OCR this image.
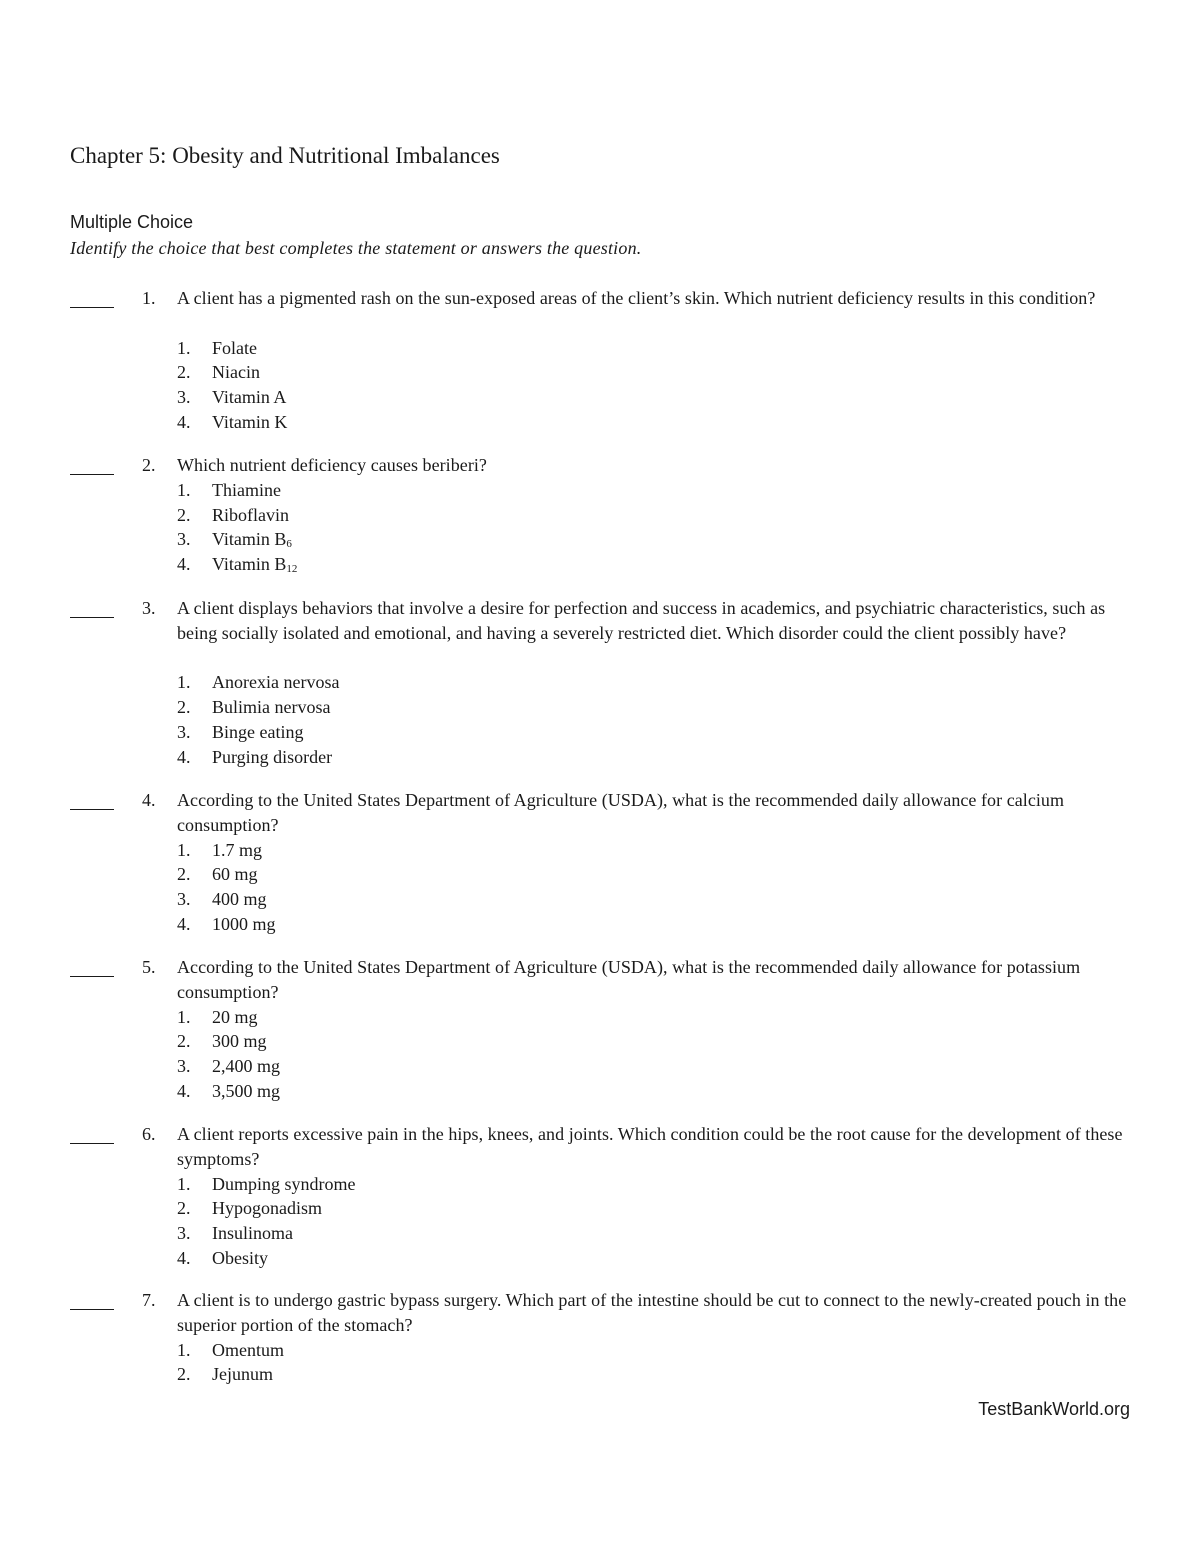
Chapter 5: Obesity and Nutritional Imbalances
Multiple Choice
Identify the choice that best completes the statement or answers the question.
1. A client has a pigmented rash on the sun-exposed areas of the client’s skin. Which nutrient deficiency results in this condition?
1. Folate
2. Niacin
3. Vitamin A
4. Vitamin K
2. Which nutrient deficiency causes beriberi?
1. Thiamine
2. Riboflavin
3. Vitamin $B_6$
4. Vitamin $B_{12}$
3. A client displays behaviors that involve a desire for perfection and success in academics, and psychiatric characteristics, such as being socially isolated and emotional, and having a severely restricted diet. Which disorder could the client possibly have?
1. Anorexia nervosa
2. Bulimia nervosa
3. Binge eating
4. Purging disorder
4. According to the United States Department of Agriculture (USDA), what is the recommended daily allowance for calcium consumption?
1. 1.7 mg
2. 60 mg
3. 400 mg
4. 1000 mg
5. According to the United States Department of Agriculture (USDA), what is the recommended daily allowance for potassium consumption?
1. 20 mg
2. 300 mg
3. 2,400 mg
4. 3,500 mg
6. A client reports excessive pain in the hips, knees, and joints. Which condition could be the root cause for the development of these symptoms?
1. Dumping syndrome
2. Hypogonadism
3. Insulinoma
4. Obesity
7. A client is to undergo gastric bypass surgery. Which part of the intestine should be cut to connect to the newly-created pouch in the superior portion of the stomach?
1. Omentum
2. Jejunum
TestBankWorld.org
